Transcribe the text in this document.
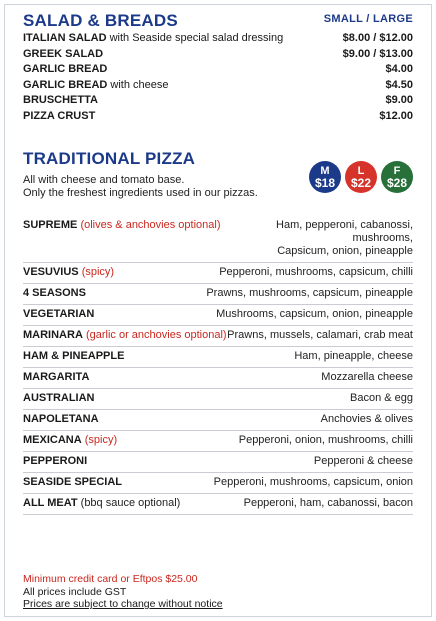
SALAD & BREADS	SMALL / LARGE
ITALIAN SALAD with Seaside special salad dressing	$8.00 / $12.00
GREEK SALAD	$9.00 / $13.00
GARLIC BREAD	$4.00
GARLIC BREAD with cheese	$4.50
BRUSCHETTA	$9.00
PIZZA CRUST	$12.00
TRADITIONAL PIZZA
All with cheese and tomato base.
Only the freshest ingredients used in our pizzas.
M
$18
L
$22
F
$28
SUPREME (olives & anchovies optional)	Ham, pepperoni, cabanossi, mushrooms,
Capsicum, onion, pineapple
VESUVIUS (spicy)	Pepperoni, mushrooms, capsicum, chilli
4 SEASONS	Prawns, mushrooms, capsicum, pineapple
VEGETARIAN	Mushrooms, capsicum, onion, pineapple
MARINARA (garlic or anchovies optional) Prawns, mussels, calamari, crab meat
HAM & PINEAPPLE	Ham, pineapple, cheese
MARGARITA	Mozzarella cheese
AUSTRALIAN	Bacon & egg
NAPOLETANA	Anchovies & olives
MEXICANA (spicy)	Pepperoni, onion, mushrooms, chilli
PEPPERONI	Pepperoni & cheese
SEASIDE SPECIAL	Pepperoni, mushrooms, capsicum, onion
ALL MEAT (bbq sauce optional)	Pepperoni, ham, cabanossi, bacon
Minimum credit card or Eftpos $25.00
All prices include GST
Prices are subject to change without notice
